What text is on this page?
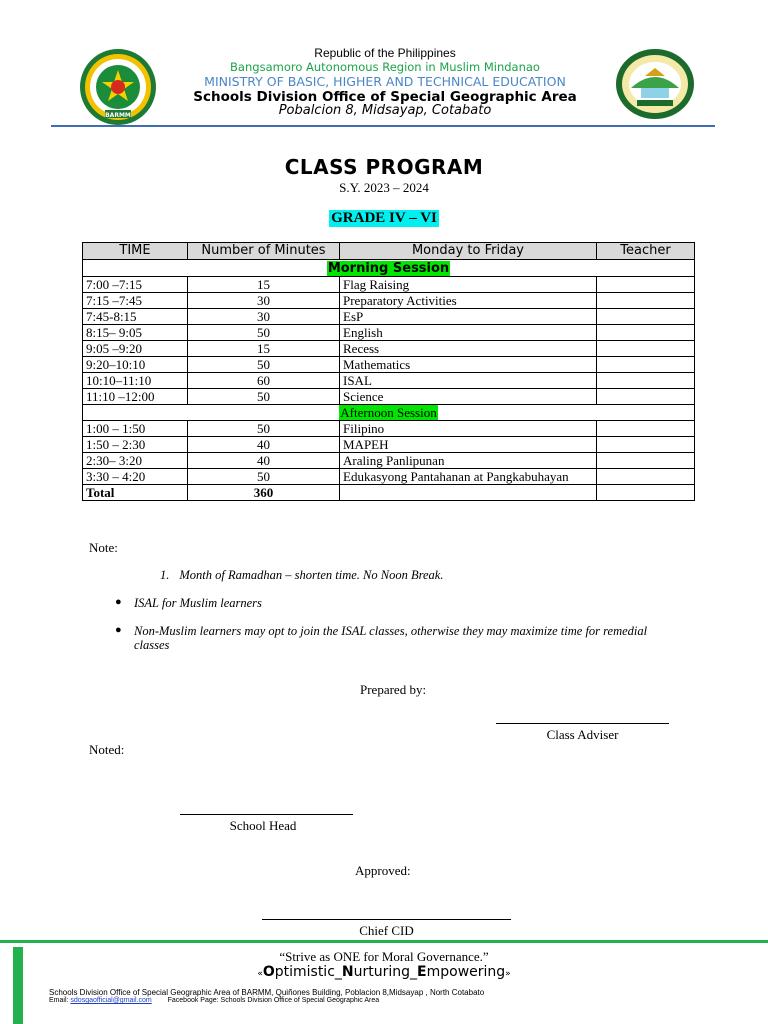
BARMM
Republic of the Philippines
Bangsamoro Autonomous Region in Muslim Mindanao
MINISTRY OF BASIC, HIGHER AND TECHNICAL EDUCATION
Schools Division Office of Special Geographic Area
Pobalcion 8, Midsayap, Cotabato
CLASS PROGRAM
S.Y. 2023 – 2024
GRADE IV – VI
TIME	Number of Minutes	Monday to Friday	Teacher
Morning Session			
7:00 –7:15	15	Flag Raising	
7:15 –7:45	30	Preparatory Activities	
7:45-8:15	30	EsP	
8:15– 9:05	50	English	
9:05 –9:20	15	Recess	
9:20–10:10	50	Mathematics	
10:10–11:10	60	ISAL	
11:10 –12:00	50	Science	
Afternoon Session			
1:00 – 1:50	50	Filipino	
1:50 – 2:30	40	MAPEH	
2:30– 3:20	40	Araling Panlipunan	
3:30 – 4:20	50	Edukasyong Pantahanan at Pangkabuhayan	
Total	360		
Note:
1. Month of Ramadhan – shorten time. No Noon Break.
● ISAL for Muslim learners
● Non-Muslim learners may opt to join the ISAL classes, otherwise they may maximize time for remedial classes
Prepared by:
Class Adviser
Noted:
School Head
Approved:
Chief CID
“Strive as ONE for Moral Governance.”
«Optimistic_Nurturing_Empowering»
Schools Division Office of Special Geographic Area of BARMM, Quiñones Building, Poblacion 8,Midsayap , North Cotabato
Email: sdosgaofficial@gmail.com Facebook Page: Schools Division Office of Special Geographic Area
